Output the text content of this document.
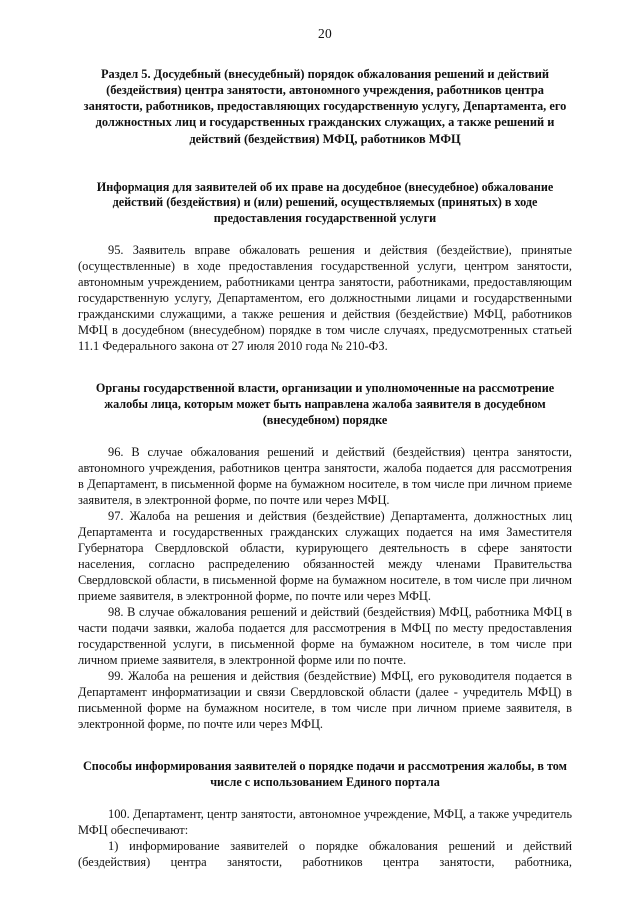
20
Раздел 5. Досудебный (внесудебный) порядок обжалования решений и действий (бездействия) центра занятости, автономного учреждения, работников центра занятости, работников, предоставляющих государственную услугу, Департамента, его должностных лиц и государственных гражданских служащих, а также решений и действий (бездействия) МФЦ, работников МФЦ
Информация для заявителей об их праве на досудебное (внесудебное) обжалование действий (бездействия) и (или) решений, осуществляемых (принятых) в ходе предоставления государственной услуги
95. Заявитель вправе обжаловать решения и действия (бездействие), принятые (осуществленные) в ходе предоставления государственной услуги, центром занятости, автономным учреждением, работниками центра занятости, работниками, предоставляющим государственную услугу, Департаментом, его должностными лицами и государственными гражданскими служащими, а также решения и действия (бездействие) МФЦ, работников МФЦ в досудебном (внесудебном) порядке в том числе случаях, предусмотренных статьей 11.1 Федерального закона от 27 июля 2010 года № 210-ФЗ.
Органы государственной власти, организации и уполномоченные на рассмотрение жалобы лица, которым может быть направлена жалоба заявителя в досудебном (внесудебном) порядке
96. В случае обжалования решений и действий (бездействия) центра занятости, автономного учреждения, работников центра занятости, жалоба подается для рассмотрения в Департамент, в письменной форме на бумажном носителе, в том числе при личном приеме заявителя, в электронной форме, по почте или через МФЦ.
97. Жалоба на решения и действия (бездействие) Департамента, должностных лиц Департамента и государственных гражданских служащих подается на имя Заместителя Губернатора Свердловской области, курирующего деятельность в сфере занятости населения, согласно распределению обязанностей между членами Правительства Свердловской области, в письменной форме на бумажном носителе, в том числе при личном приеме заявителя, в электронной форме, по почте или через МФЦ.
98. В случае обжалования решений и действий (бездействия) МФЦ, работника МФЦ в части подачи заявки, жалоба подается для рассмотрения в МФЦ по месту предоставления государственной услуги, в письменной форме на бумажном носителе, в том числе при личном приеме заявителя, в электронной форме или по почте.
99. Жалоба на решения и действия (бездействие) МФЦ, его руководителя подается в Департамент информатизации и связи Свердловской области (далее - учредитель МФЦ) в письменной форме на бумажном носителе, в том числе при личном приеме заявителя, в электронной форме, по почте или через МФЦ.
Способы информирования заявителей о порядке подачи и рассмотрения жалобы, в том числе с использованием Единого портала
100. Департамент, центр занятости, автономное учреждение, МФЦ, а также учредитель МФЦ обеспечивают:
1) информирование заявителей о порядке обжалования решений и действий (бездействия) центра занятости, работников центра занятости, работника,
